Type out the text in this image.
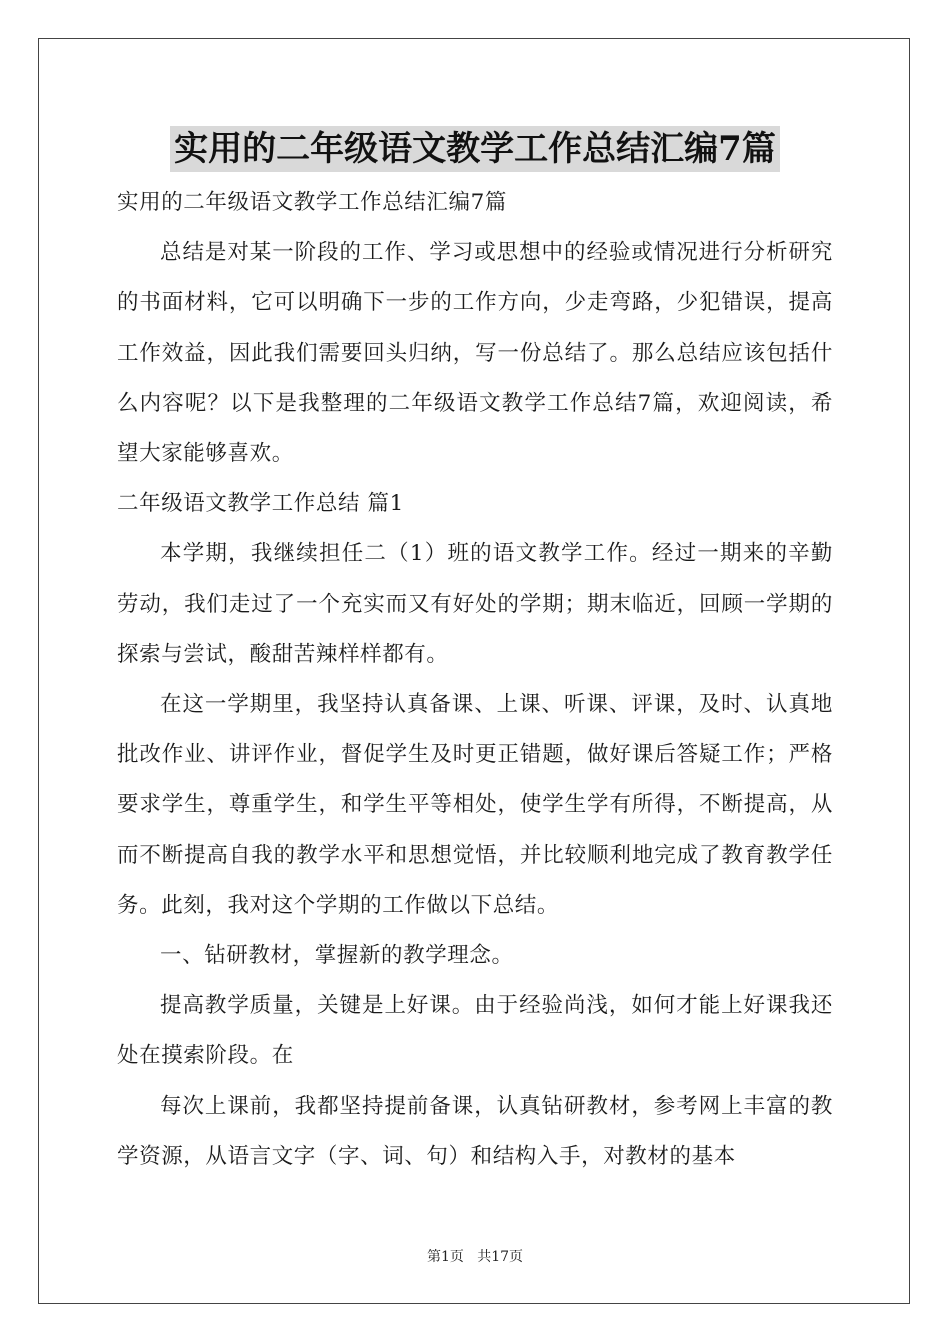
实用的二年级语文教学工作总结汇编7篇

实用的二年级语文教学工作总结汇编7篇

总结是对某一阶段的工作、学习或思想中的经验或情况进行分析研究的书面材料，它可以明确下一步的工作方向，少走弯路，少犯错误，提高工作效益，因此我们需要回头归纳，写一份总结了。那么总结应该包括什么内容呢？以下是我整理的二年级语文教学工作总结7篇，欢迎阅读，希望大家能够喜欢。

二年级语文教学工作总结 篇1

本学期，我继续担任二（1）班的语文教学工作。经过一期来的辛勤劳动，我们走过了一个充实而又有好处的学期；期末临近，回顾一学期的探索与尝试，酸甜苦辣样样都有。

在这一学期里，我坚持认真备课、上课、听课、评课，及时、认真地批改作业、讲评作业，督促学生及时更正错题，做好课后答疑工作；严格要求学生，尊重学生，和学生平等相处，使学生学有所得，不断提高，从而不断提高自我的教学水平和思想觉悟，并比较顺利地完成了教育教学任务。此刻，我对这个学期的工作做以下总结。

一、钻研教材，掌握新的教学理念。

提高教学质量，关键是上好课。由于经验尚浅，如何才能上好课我还处在摸索阶段。在

每次上课前，我都坚持提前备课，认真钻研教材，参考网上丰富的教学资源，从语言文字（字、词、句）和结构入手，对教材的基本

第1页   共17页
